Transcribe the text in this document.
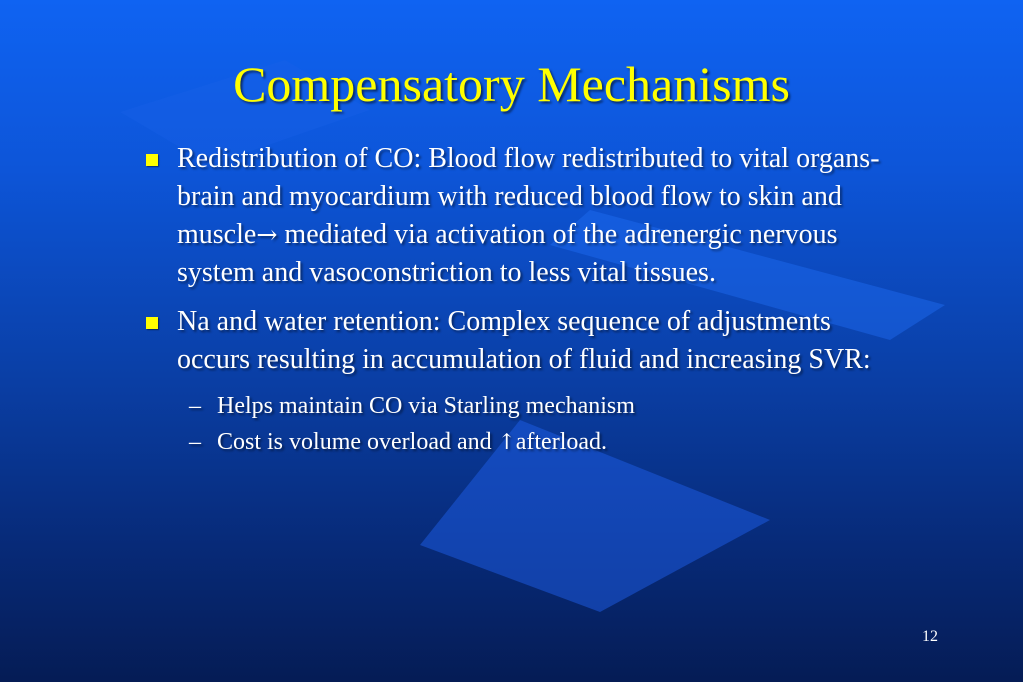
Compensatory Mechanisms
Redistribution of CO: Blood flow redistributed to vital organs- brain and myocardium with reduced blood flow to skin and muscle→ mediated via activation of the adrenergic nervous system and vasoconstriction to less vital tissues.
Na and water retention: Complex sequence of adjustments occurs resulting in accumulation of fluid and increasing SVR:
– Helps maintain CO via Starling mechanism
– Cost is volume overload and ↑afterload.
12
